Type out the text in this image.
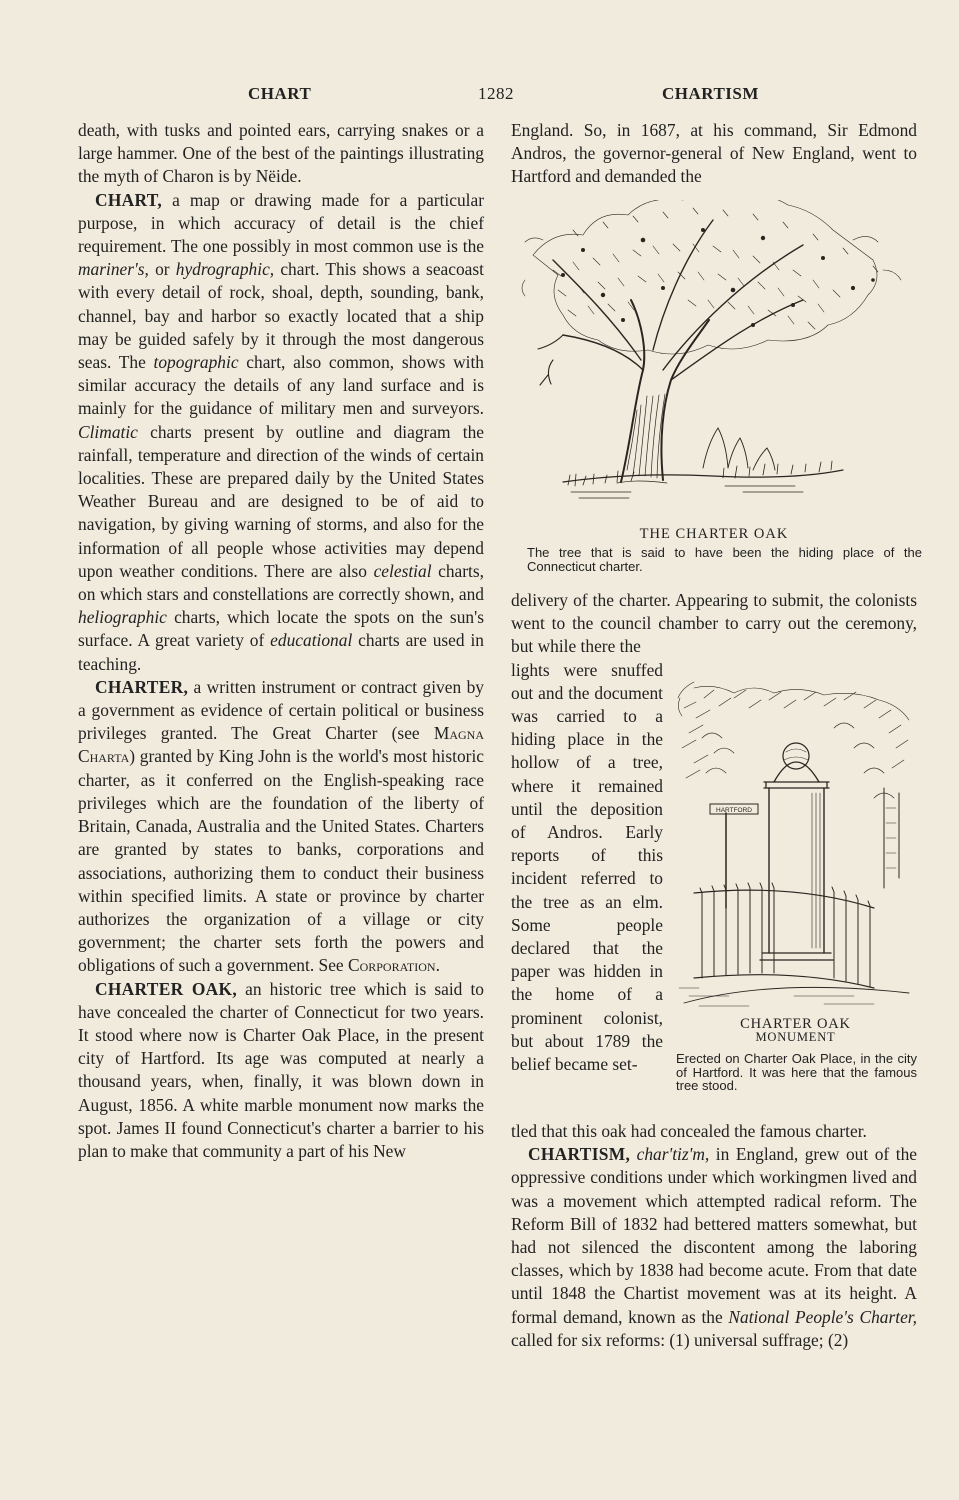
CHART	1282	CHARTISM

death, with tusks and pointed ears, carrying snakes or a large hammer. One of the best of the paintings illustrating the myth of Charon is by Nëide.

CHART, a map or drawing made for a particular purpose, in which accuracy of detail is the chief requirement. The one possibly in most common use is the mariner's, or hydrographic, chart. This shows a seacoast with every detail of rock, shoal, depth, sounding, bank, channel, bay and harbor so exactly located that a ship may be guided safely by it through the most dangerous seas. The topographic chart, also common, shows with similar accuracy the details of any land surface and is mainly for the guidance of military men and surveyors. Climatic charts present by outline and diagram the rainfall, temperature and direction of the winds of certain localities. These are prepared daily by the United States Weather Bureau and are designed to be of aid to navigation, by giving warning of storms, and also for the information of all people whose activities may depend upon weather conditions. There are also celestial charts, on which stars and constellations are correctly shown, and heliographic charts, which locate the spots on the sun's surface. A great variety of educational charts are used in teaching.

CHARTER, a written instrument or contract given by a government as evidence of certain political or business privileges granted. The Great Charter (see Magna Charta) granted by King John is the world's most historic charter, as it conferred on the English-speaking race privileges which are the foundation of the liberty of Britain, Canada, Australia and the United States. Charters are granted by states to banks, corporations and associations, authorizing them to conduct their business within specified limits. A state or province by charter authorizes the organization of a village or city government; the charter sets forth the powers and obligations of such a government. See Corporation.

CHARTER OAK, an historic tree which is said to have concealed the charter of Connecticut for two years. It stood where now is Charter Oak Place, in the present city of Hartford. Its age was computed at nearly a thousand years, when, finally, it was blown down in August, 1856. A white marble monument now marks the spot. James II found Connecticut's charter a barrier to his plan to make that community a part of his New

England. So, in 1687, at his command, Sir Edmond Andros, the governor-general of New England, went to Hartford and demanded the

THE CHARTER OAK
The tree that is said to have been the hiding place of the Connecticut charter.

delivery of the charter. Appearing to submit, the colonists went to the council chamber to carry out the ceremony, but while there the

lights were snuffed out and the document was carried to a hiding place in the hollow of a tree, where it remained until the deposition of Andros. Early reports of this incident referred to the tree as an elm. Some people declared that the paper was hidden in the home of a prominent colonist, but about 1789 the belief became set-

HARTFORD
CHARTER OAK
MONUMENT
Erected on Charter Oak Place, in the city of Hartford. It was here that the famous tree stood.

tled that this oak had concealed the famous charter.

CHARTISM, char'tiz'm, in England, grew out of the oppressive conditions under which workingmen lived and was a movement which attempted radical reform. The Reform Bill of 1832 had bettered matters somewhat, but had not silenced the discontent among the laboring classes, which by 1838 had become acute. From that date until 1848 the Chartist movement was at its height. A formal demand, known as the National People's Charter, called for six reforms: (1) universal suffrage; (2)
